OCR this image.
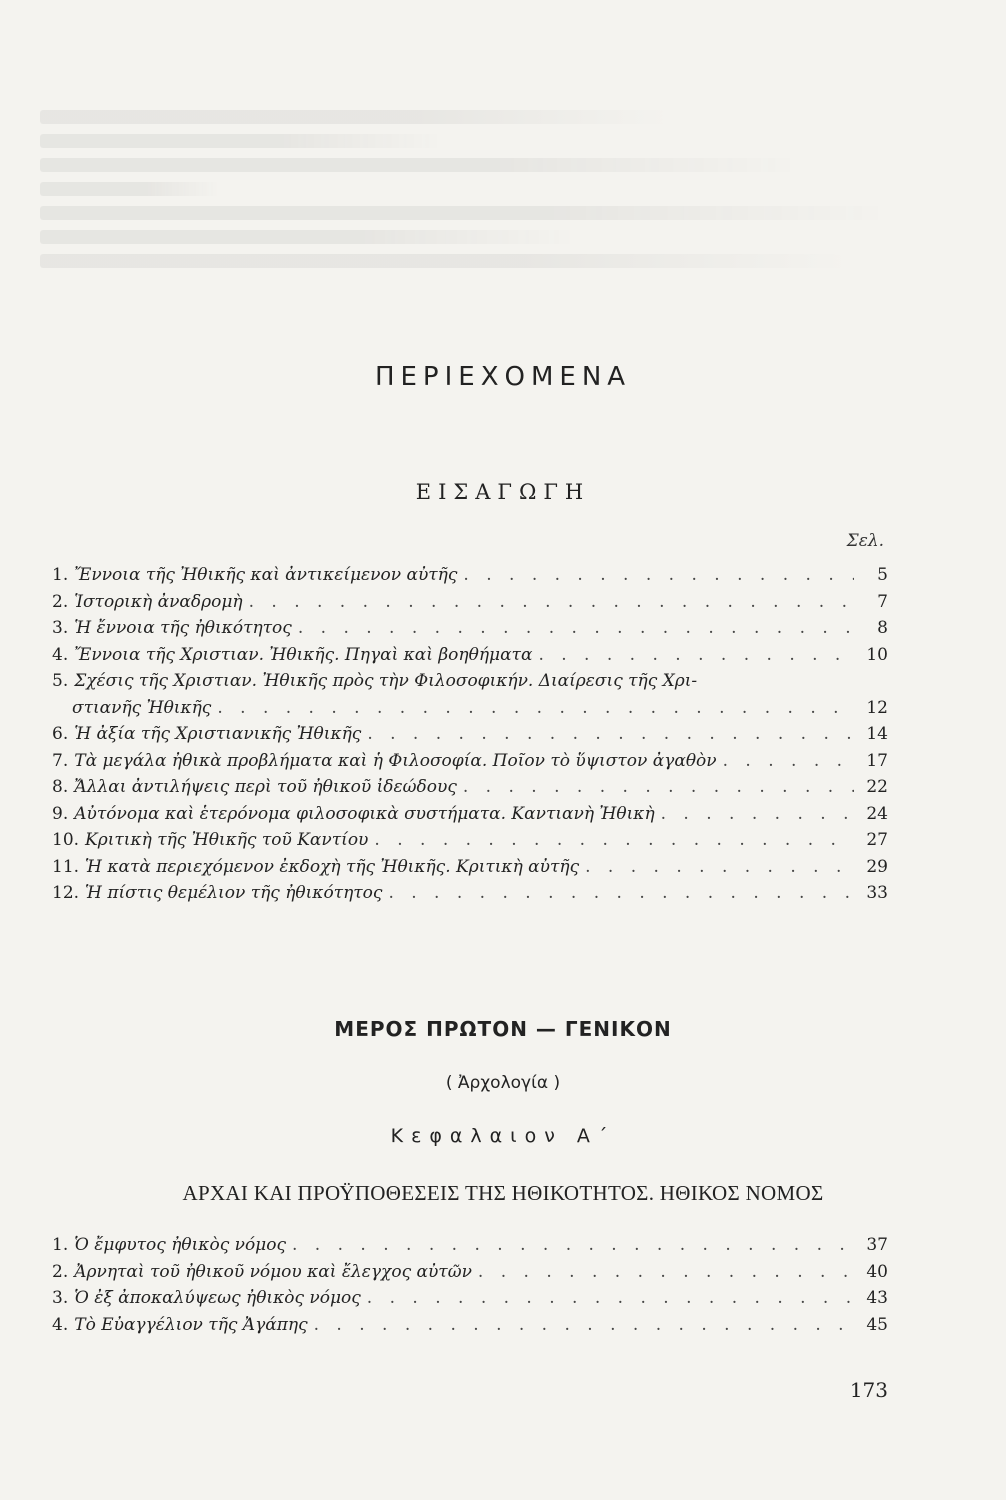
ΠΕΡΙΕΧΟΜΕΝΑ
ΕΙΣΑΓΩΓΗ
Σελ.
1. Ἔννοια τῆς Ἠθικῆς καὶ ἀντικείμενον αὐτῆς . . .	5
2. Ἱστορικὴ ἀναδρομὴ . . .	7
3. Ἡ ἔννοια τῆς ἠθικότητος . . .	8
4. Ἔννοια τῆς Χριστιαν. Ἠθικῆς. Πηγαὶ καὶ βοηθήματα . . .	10
5. Σχέσις τῆς Χριστιαν. Ἠθικῆς πρὸς τὴν Φιλοσοφικήν. Διαίρεσις τῆς Χρι-
στιανῆς Ἠθικῆς . . .	12
6. Ἡ ἀξία τῆς Χριστιανικῆς Ἠθικῆς . . .	14
7. Τὰ μεγάλα ἠθικὰ προβλήματα καὶ ἡ Φιλοσοφία. Ποῖον τὸ ὕψιστον ἀγαθὸν . . .	17
8. Ἄλλαι ἀντιλήψεις περὶ τοῦ ἠθικοῦ ἰδεώδους . . .	22
9. Αὐτόνομα καὶ ἑτερόνομα φιλοσοφικὰ συστήματα. Καντιανὴ Ἠθικὴ . . .	24
10. Κριτικὴ τῆς Ἠθικῆς τοῦ Καντίου . . .	27
11. Ἡ κατὰ περιεχόμενον ἐκδοχὴ τῆς Ἠθικῆς. Κριτικὴ αὐτῆς . . .	29
12. Ἡ πίστις θεμέλιον τῆς ἠθικότητος . . .	33
ΜΕΡΟΣ ΠΡΩΤΟΝ — ΓΕΝΙΚΟΝ
( Ἀρχολογία )
Κεφαλαιον Α΄
ΑΡΧΑΙ ΚΑΙ ΠΡΟΫΠΟΘΕΣΕΙΣ ΤΗΣ ΗΘΙΚΟΤΗΤΟΣ. ΗΘΙΚΟΣ ΝΟΜΟΣ
1. Ὁ ἔμφυτος ἠθικὸς νόμος . . .	37
2. Ἀρνηταὶ τοῦ ἠθικοῦ νόμου καὶ ἔλεγχος αὐτῶν . . .	40
3. Ὁ ἐξ ἀποκαλύψεως ἠθικὸς νόμος . . .	43
4. Τὸ Εὐαγγέλιον τῆς Ἀγάπης . . .	45
173
